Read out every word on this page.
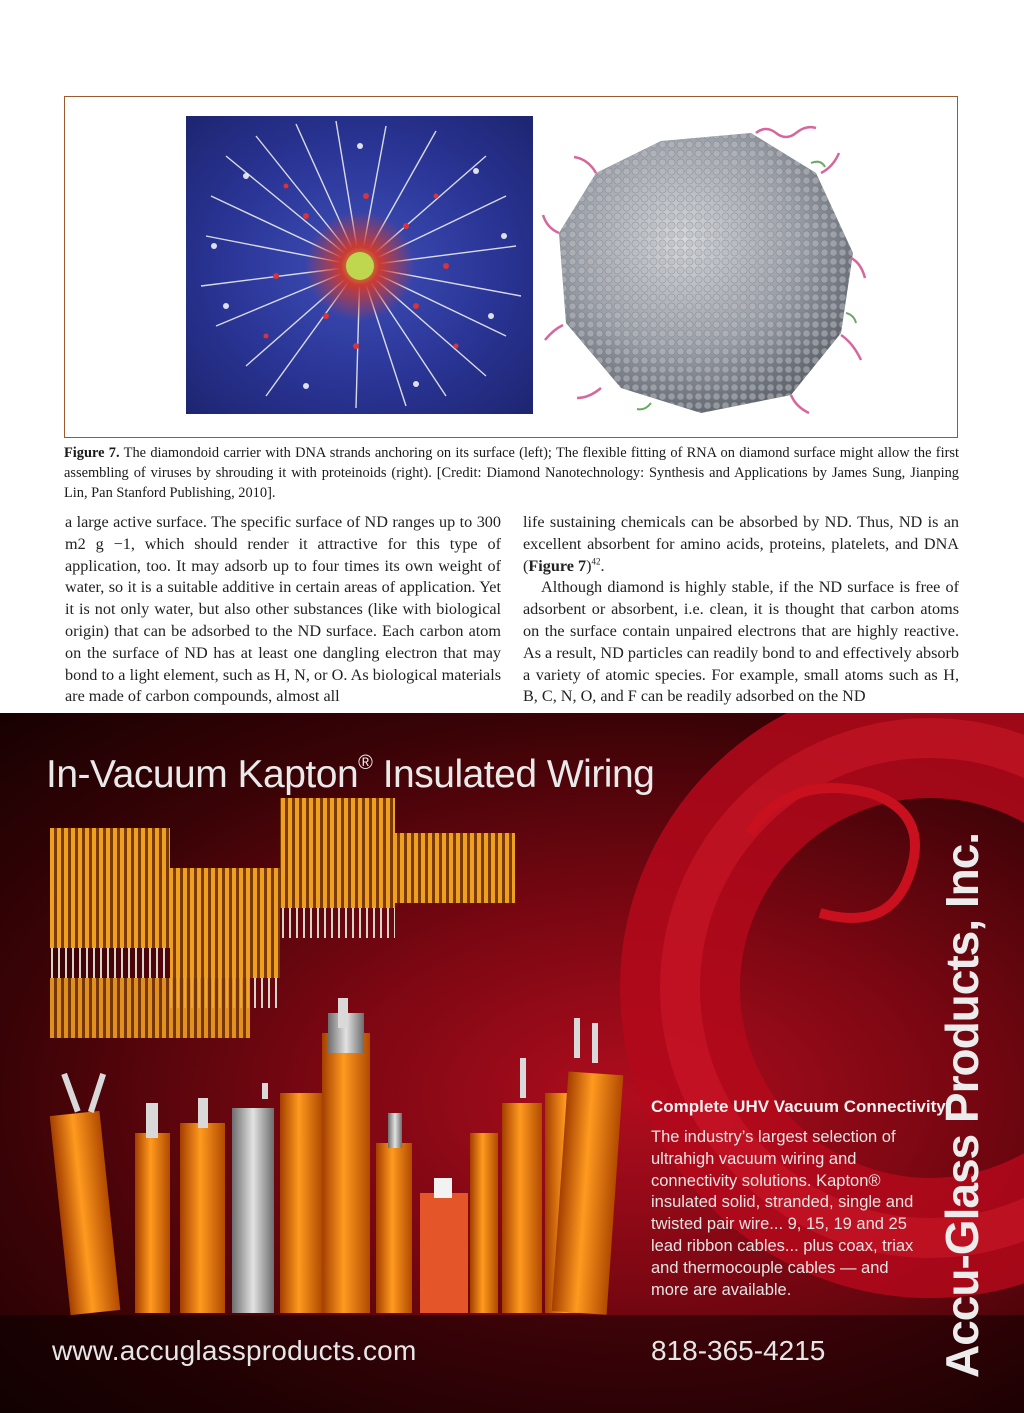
Figure 7. The diamondoid carrier with DNA strands anchoring on its surface (left); The flexible fitting of RNA on diamond surface might allow the first assembling of viruses by shrouding it with proteinoids (right). [Credit: Diamond Nanotechnology: Synthesis and Applications by James Sung, Jianping Lin, Pan Stanford Publishing, 2010].

a large active surface. The specific surface of ND ranges up to 300 m2 g −1, which should render it attractive for this type of application, too. It may adsorb up to four times its own weight of water, so it is a suitable additive in certain areas of application. Yet it is not only water, but also other substances (like with biological origin) that can be adsorbed to the ND surface. Each carbon atom on the surface of ND has at least one dangling electron that may bond to a light element, such as H, N, or O. As biological materials are made of carbon compounds, almost all

life sustaining chemicals can be absorbed by ND. Thus, ND is an excellent absorbent for amino acids, proteins, platelets, and DNA (Figure 7)$^{42}$.

Although diamond is highly stable, if the ND surface is free of adsorbent or absorbent, i.e. clean, it is thought that carbon atoms on the surface contain unpaired electrons that are highly reactive. As a result, ND particles can readily bond to and effectively absorb a variety of atomic species. For example, small atoms such as H, B, C, N, O, and F can be readily adsorbed on the ND

In-Vacuum Kapton® Insulated Wiring
Accu-Glass Products, Inc.
Complete UHV Vacuum Connectivity
The industry’s largest selection of ultrahigh vacuum wiring and connectivity solutions. Kapton® insulated solid, stranded, single and twisted pair wire... 9, 15, 19 and 25 lead ribbon cables... plus coax, triax and thermocouple cables — and more are available.
www.accuglassproducts.com	818-365-4215
